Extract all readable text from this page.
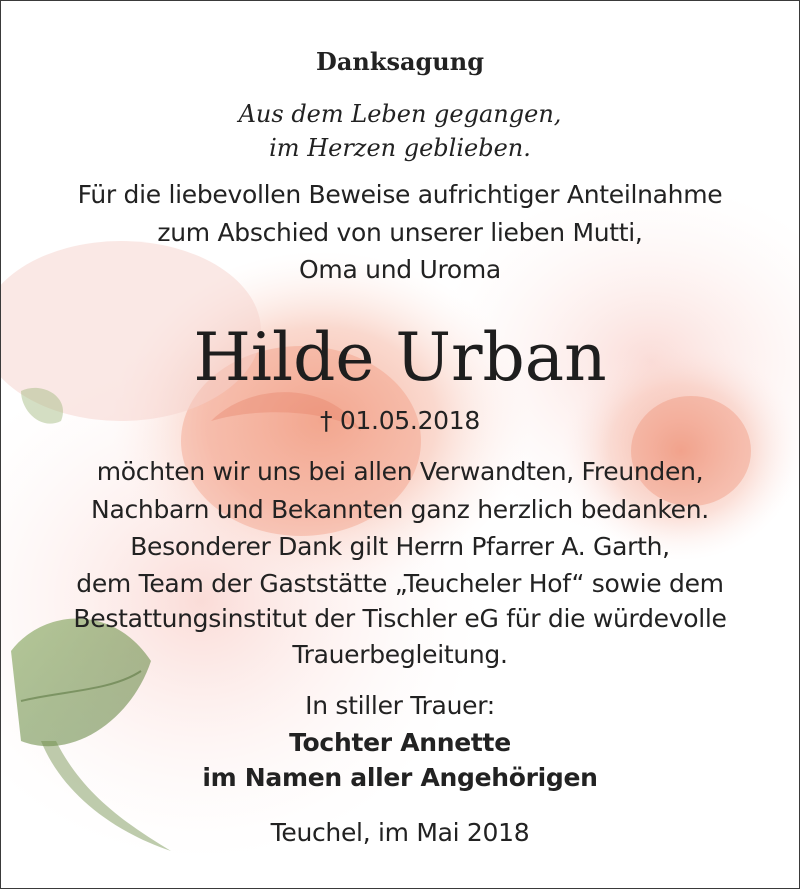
Danksagung
Aus dem Leben gegangen,
im Herzen geblieben.
Für die liebevollen Beweise aufrichtiger Anteilnahme
zum Abschied von unserer lieben Mutti,
Oma und Uroma
Hilde Urban
† 01.05.2018
möchten wir uns bei allen Verwandten, Freunden,
Nachbarn und Bekannten ganz herzlich bedanken.
Besonderer Dank gilt Herrn Pfarrer A. Garth,
dem Team der Gaststätte „Teucheler Hof“ sowie dem
Bestattungsinstitut der Tischler eG für die würdevolle
Trauerbegleitung.
In stiller Trauer:
Tochter Annette
im Namen aller Angehörigen
Teuchel, im Mai 2018
